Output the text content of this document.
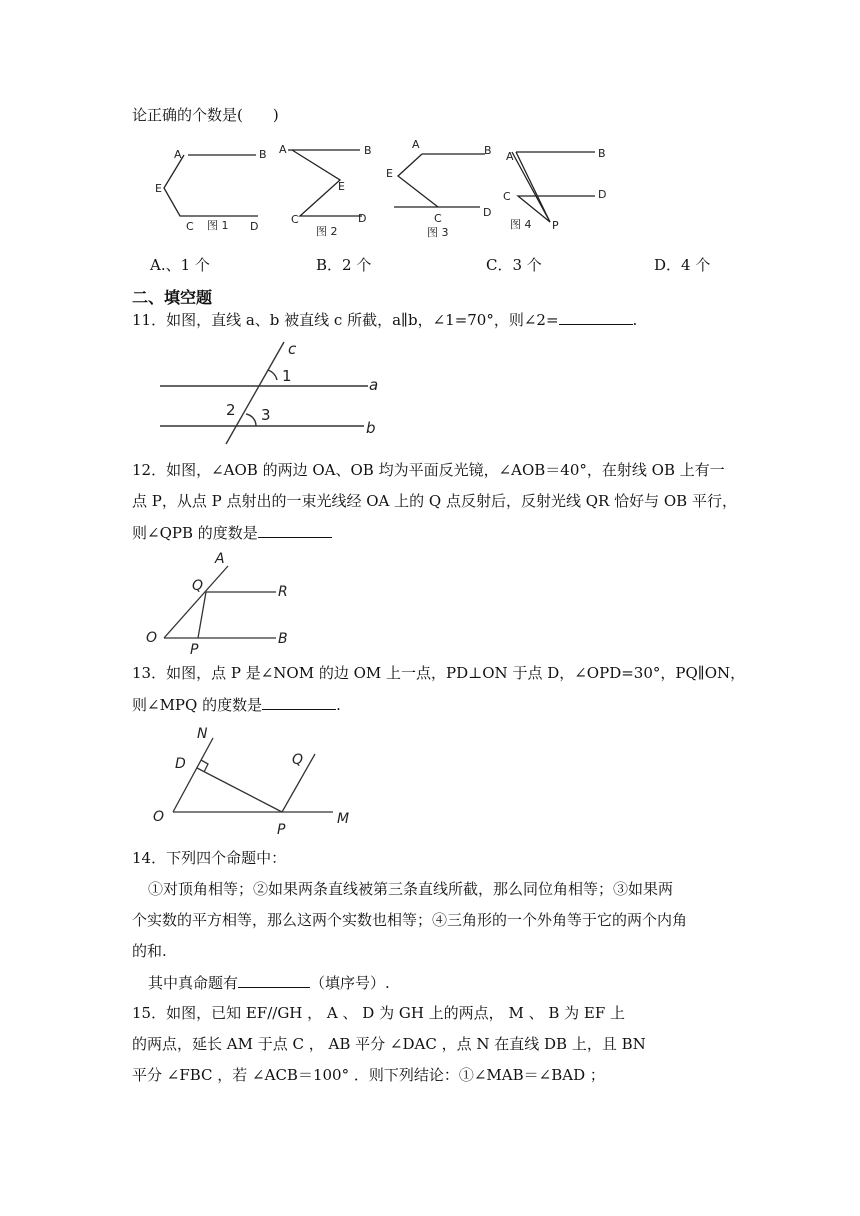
论正确的个数是(　　)
A	B
E
C 图 1 D
A	B
E
C	D
图 2
A	B
E
C	D
图 3
A	B
C	D
图 4 P
A.、1 个	B．2 个	C．3 个	D．4 个
二、填空题
11．如图，直线 a、b 被直线 c 所截，a∥b，∠1=70°，则∠2=	.
c
a
b
1
2 3
12．如图，∠AOB 的两边 OA、OB 均为平面反光镜，∠AOB＝40°，在射线 OB 上有一
点 P，从点 P 点射出的一束光线经 OA 上的 Q 点反射后，反射光线 QR 恰好与 OB 平行，
则∠QPB 的度数是
A
Q	R
O
P
B
13．如图，点 P 是∠NOM 的边 OM 上一点，PD⊥ON 于点 D，∠OPD=30°，PQ∥ON，
则∠MPQ 的度数是	.
N
D	Q
O
P
M
14．下列四个命题中：
①对顶角相等；②如果两条直线被第三条直线所截，那么同位角相等；③如果两
个实数的平方相等，那么这两个实数也相等；④三角形的一个外角等于它的两个内角
的和.
其中真命题有	（填序号）.
15．如图，已知 EF//GH ， A 、 D 为 GH 上的两点， M 、 B 为 EF 上
的两点，延长 AM 于点 C ， AB 平分 ∠DAC ，点 N 在直线 DB 上，且 BN
平分 ∠FBC ，若 ∠ACB＝100° ．则下列结论：①∠MAB＝∠BAD ；
